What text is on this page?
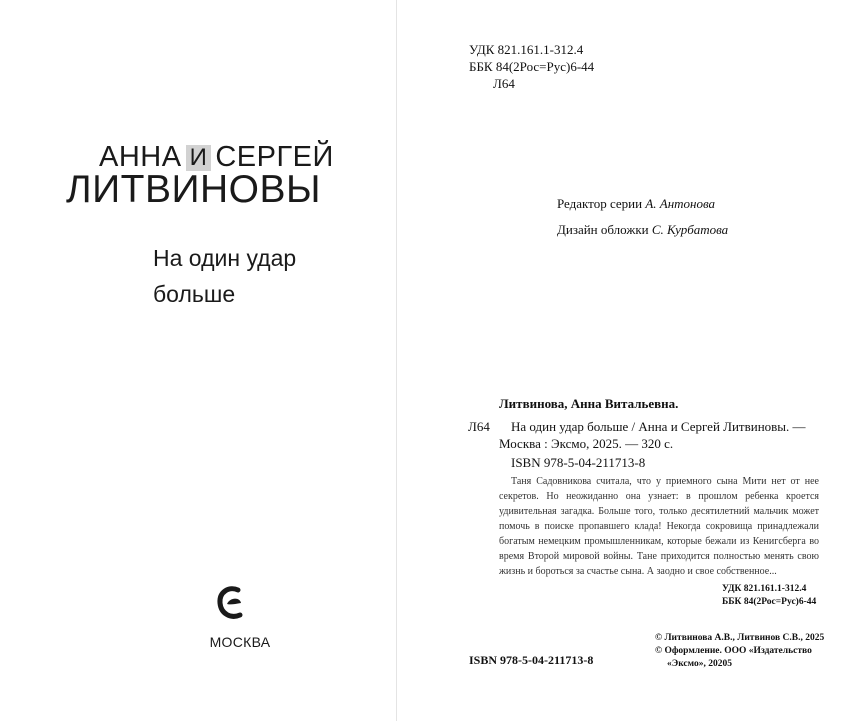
АННА И СЕРГЕЙ
ЛИТВИНОВЫ
На один удар
больше
МОСКВА
УДК 821.161.1-312.4
ББК 84(2Рос=Рус)6-44
Л64
Редактор серии А. Антонова
Дизайн обложки С. Курбатова
Литвинова, Анна Витальевна.
Л64	На один удар больше / Анна и Сергей Литвиновы. —
Москва : Эксмо, 2025. — 320 с.
ISBN 978-5-04-211713-8
Таня Садовникова считала, что у приемного сына Мити нет от нее секретов. Но неожиданно она узнает: в прошлом ребенка кроется удивительная загадка. Больше того, только десятилетний мальчик может помочь в поиске пропавшего клада! Некогда сокровища принадлежали богатым немецким промышленникам, которые бежали из Кенигсберга во время Второй мировой войны. Тане приходится полностью менять свою жизнь и бороться за счастье сына. А заодно и свое собственное...
УДК 821.161.1-312.4
ББК 84(2Рос=Рус)6-44
© Литвинова А.В., Литвинов С.В., 2025
© Оформление. ООО «Издательство
«Эксмо», 20205
ISBN 978-5-04-211713-8
